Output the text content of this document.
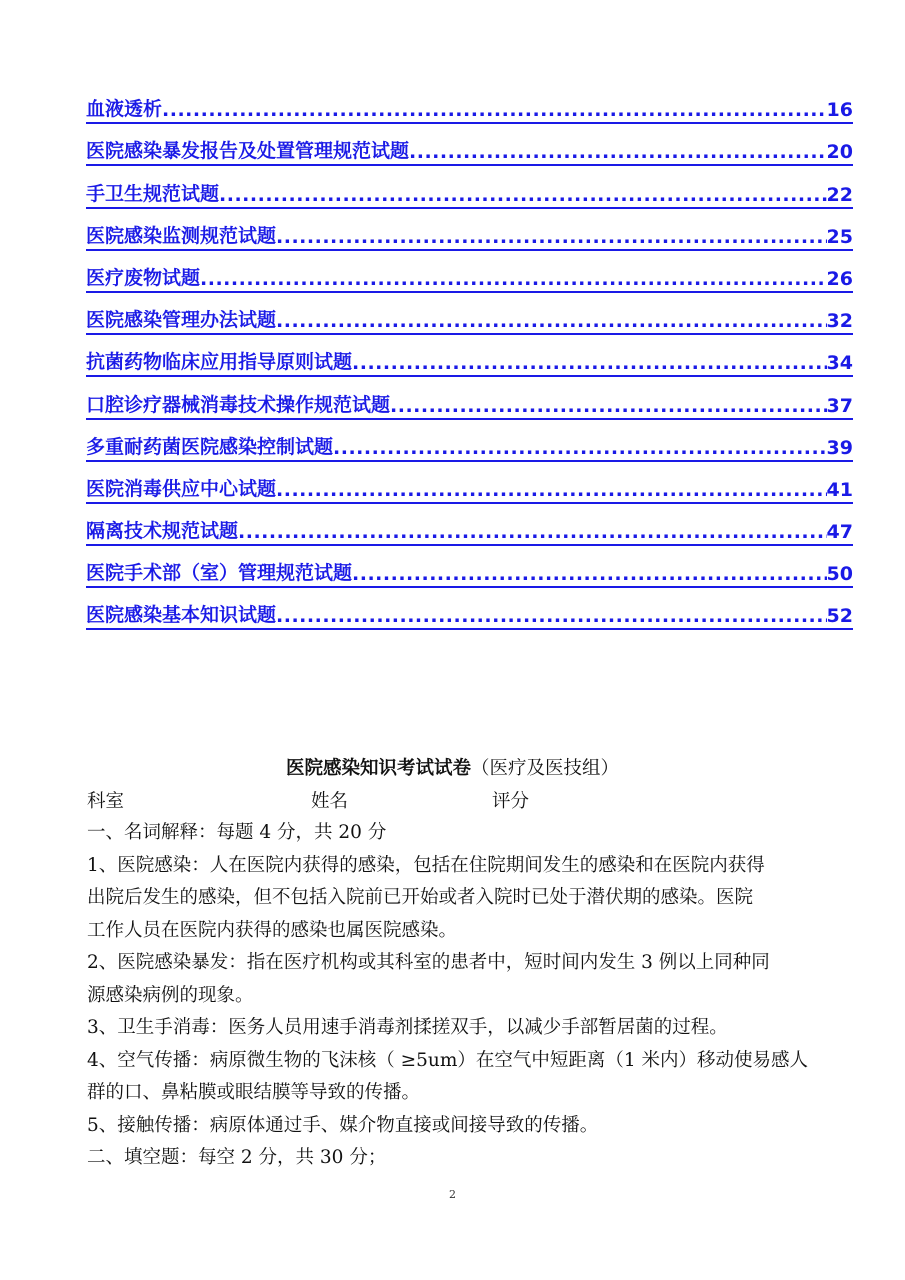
血液透析 .....	16
医院感染暴发报告及处置管理规范试题 .....	20
手卫生规范试题 .....	22
医院感染监测规范试题 .....	25
医疗废物试题 .....	26
医院感染管理办法试题 .....	32
抗菌药物临床应用指导原则试题 .....	34
口腔诊疗器械消毒技术操作规范试题 .....	37
多重耐药菌医院感染控制试题 .....	39
医院消毒供应中心试题 .....	41
隔离技术规范试题 .....	47
医院手术部（室）管理规范试题 .....	50
医院感染基本知识试题 .....	52
医院感染知识考试试卷（医疗及医技组）
科室	姓名	评分

一、名词解释：每题 4 分，共 20 分

1、医院感染：人在医院内获得的感染，包括在住院期间发生的感染和在医院内获得

出院后发生的感染，但不包括入院前已开始或者入院时已处于潜伏期的感染。医院

工作人员在医院内获得的感染也属医院感染。

2、医院感染暴发：指在医疗机构或其科室的患者中，短时间内发生 3 例以上同种同

源感染病例的现象。

3、卫生手消毒：医务人员用速手消毒剂揉搓双手，以减少手部暂居菌的过程。

4、空气传播：病原微生物的飞沫核（ ≥5um）在空气中短距离（1 米内）移动使易感人

群的口、鼻粘膜或眼结膜等导致的传播。

5、接触传播：病原体通过手、媒介物直接或间接导致的传播。

二、填空题：每空 2 分，共 30 分；

2
